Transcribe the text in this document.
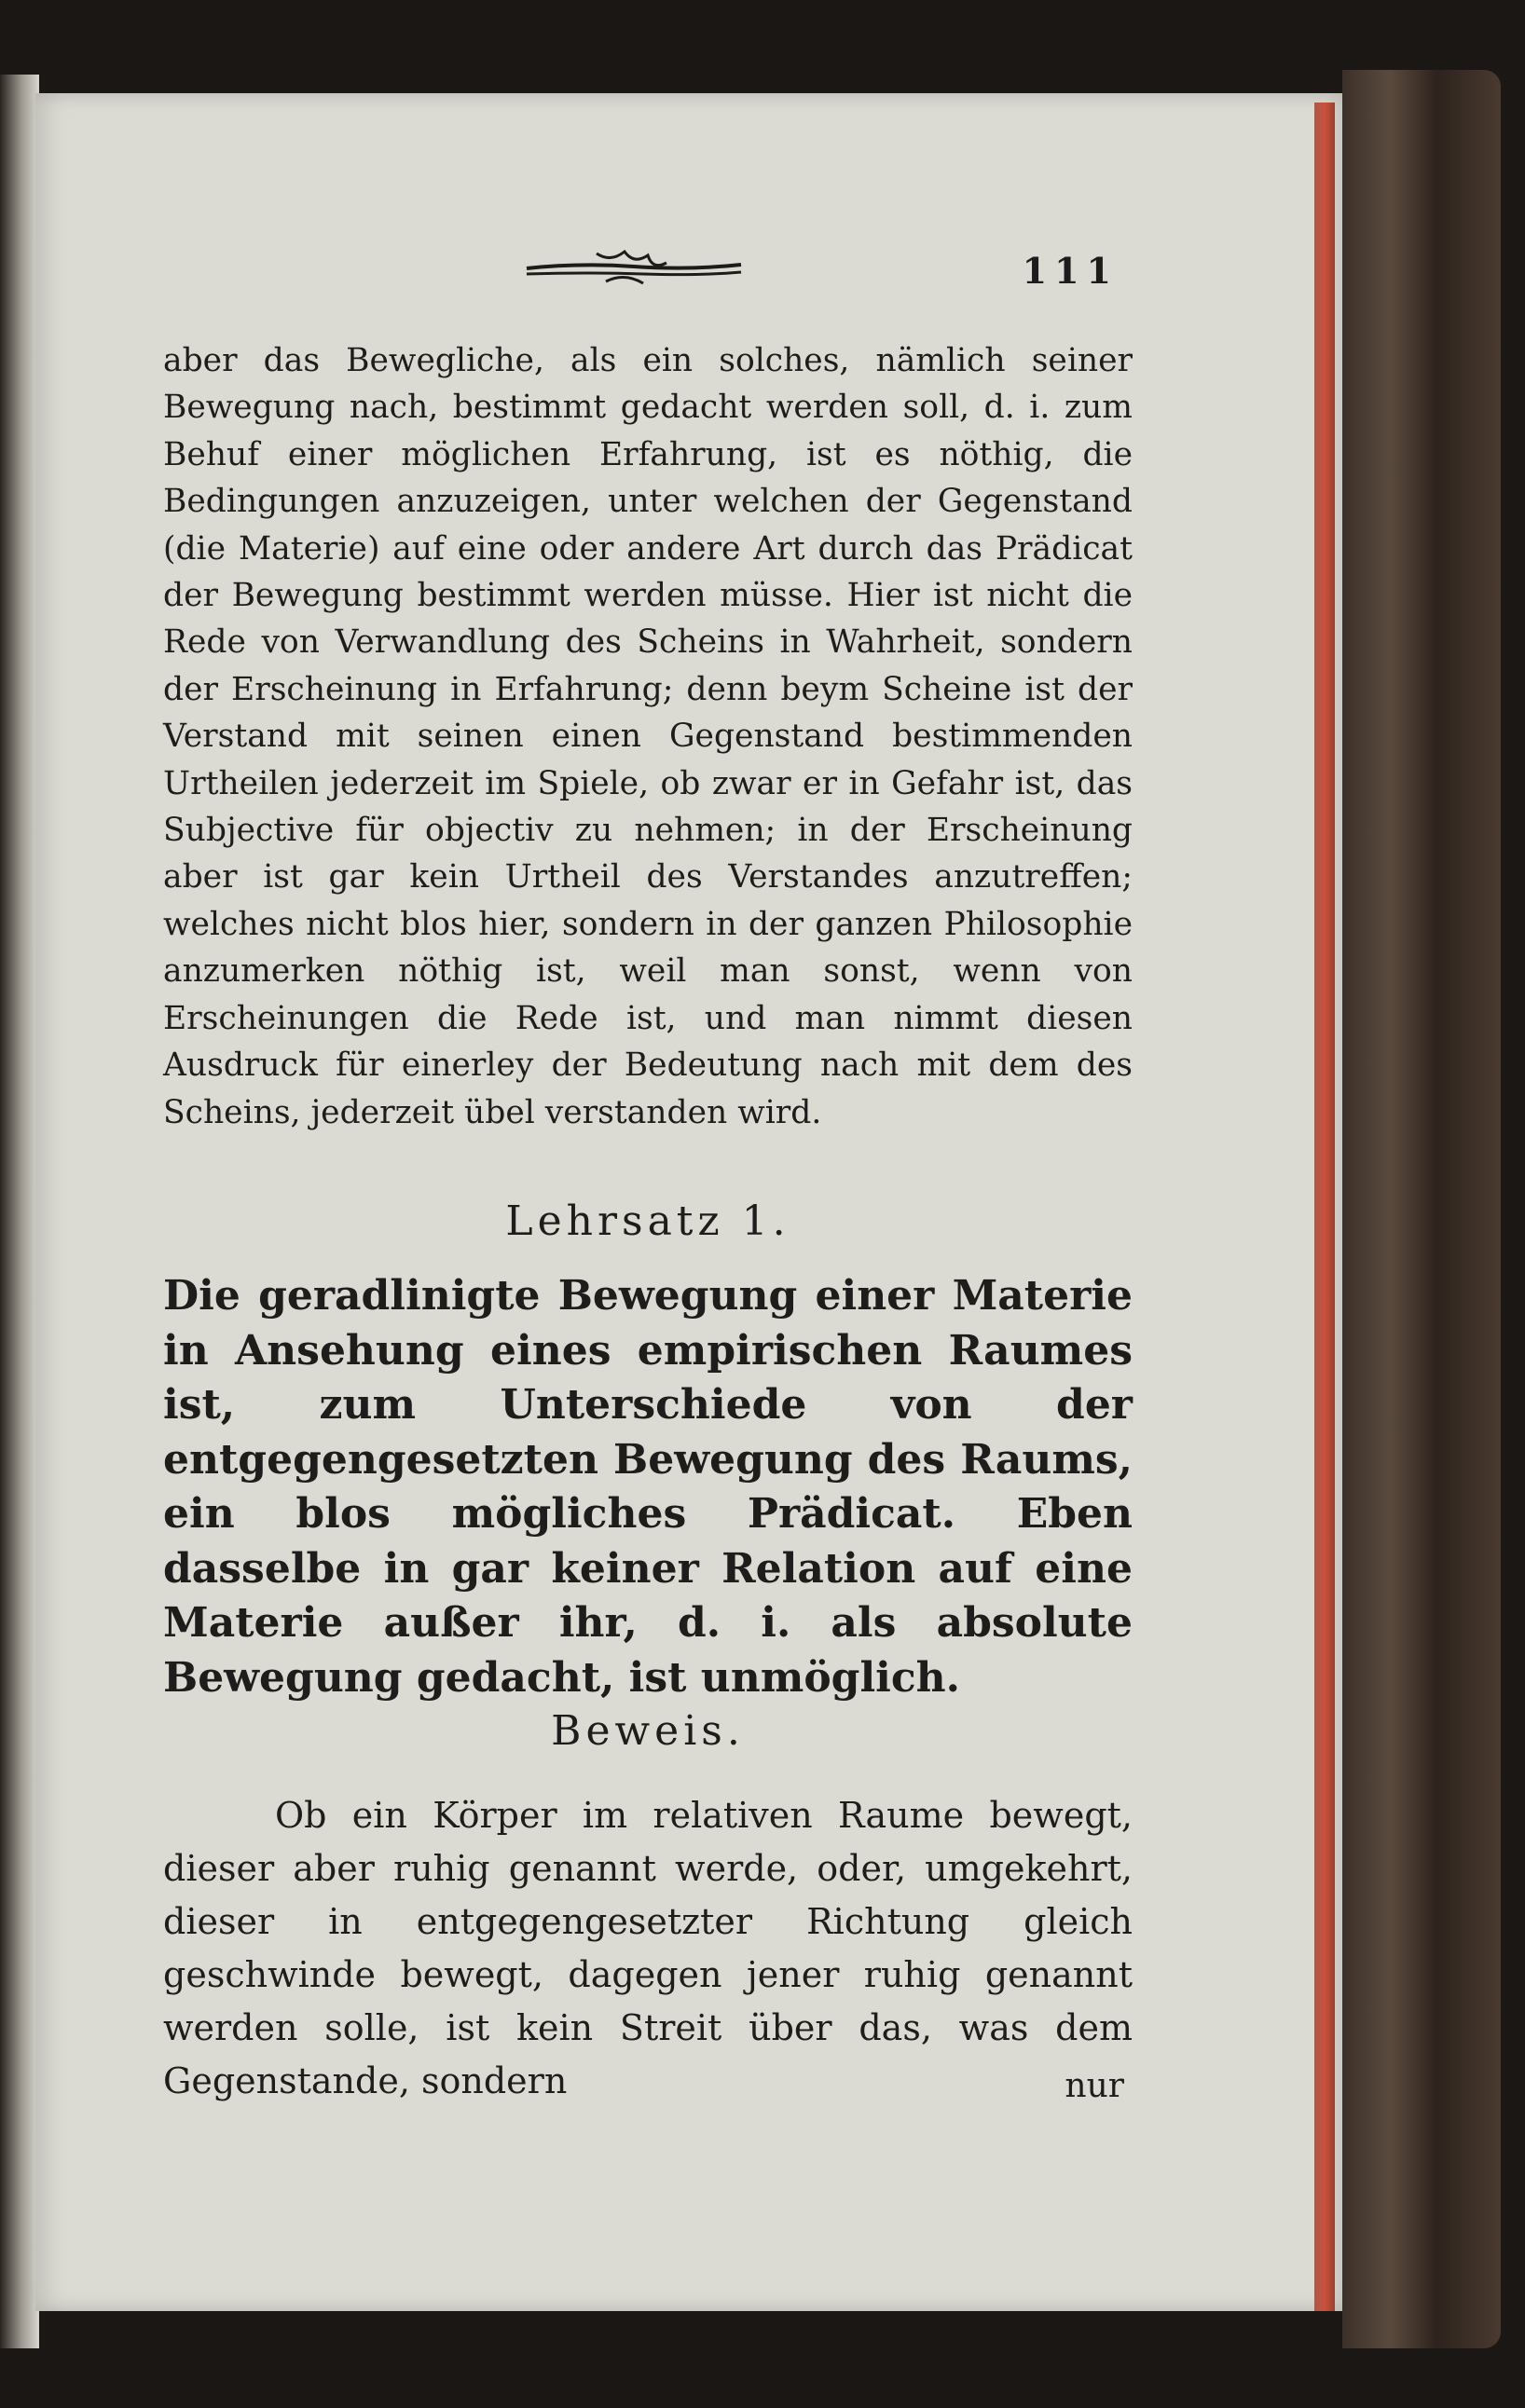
111
aber das Bewegliche, als ein solches, nämlich seiner Bewegung nach, bestimmt gedacht werden soll, d. i. zum Behuf einer möglichen Erfahrung, ist es nöthig, die Bedingungen anzuzeigen, unter welchen der Gegenstand (die Materie) auf eine oder andere Art durch das Prädicat der Bewegung bestimmt werden müsse. Hier ist nicht die Rede von Verwandlung des Scheins in Wahrheit, sondern der Erscheinung in Erfahrung; denn beym Scheine ist der Verstand mit seinen einen Gegenstand bestimmenden Urtheilen jederzeit im Spiele, ob zwar er in Gefahr ist, das Subjective für objectiv zu nehmen; in der Erscheinung aber ist gar kein Urtheil des Verstandes anzutreffen; welches nicht blos hier, sondern in der ganzen Philosophie anzumerken nöthig ist, weil man sonst, wenn von Erscheinungen die Rede ist, und man nimmt diesen Ausdruck für einerley der Bedeutung nach mit dem des Scheins, jederzeit übel verstanden wird.
Lehrsatz 1.
Die geradlinigte Bewegung einer Materie in Ansehung eines empirischen Raumes ist, zum Unterschiede von der entgegengesetzten Bewegung des Raums, ein blos mögliches Prädicat. Eben dasselbe in gar keiner Relation auf eine Materie außer ihr, d. i. als absolute Bewegung gedacht, ist unmöglich.
Beweis.
Ob ein Körper im relativen Raume bewegt, dieser aber ruhig genannt werde, oder, umgekehrt, dieser in entgegengesetzter Richtung gleich geschwinde bewegt, dagegen jener ruhig genannt werden solle, ist kein Streit über das, was dem Gegenstande, sondern	nur
